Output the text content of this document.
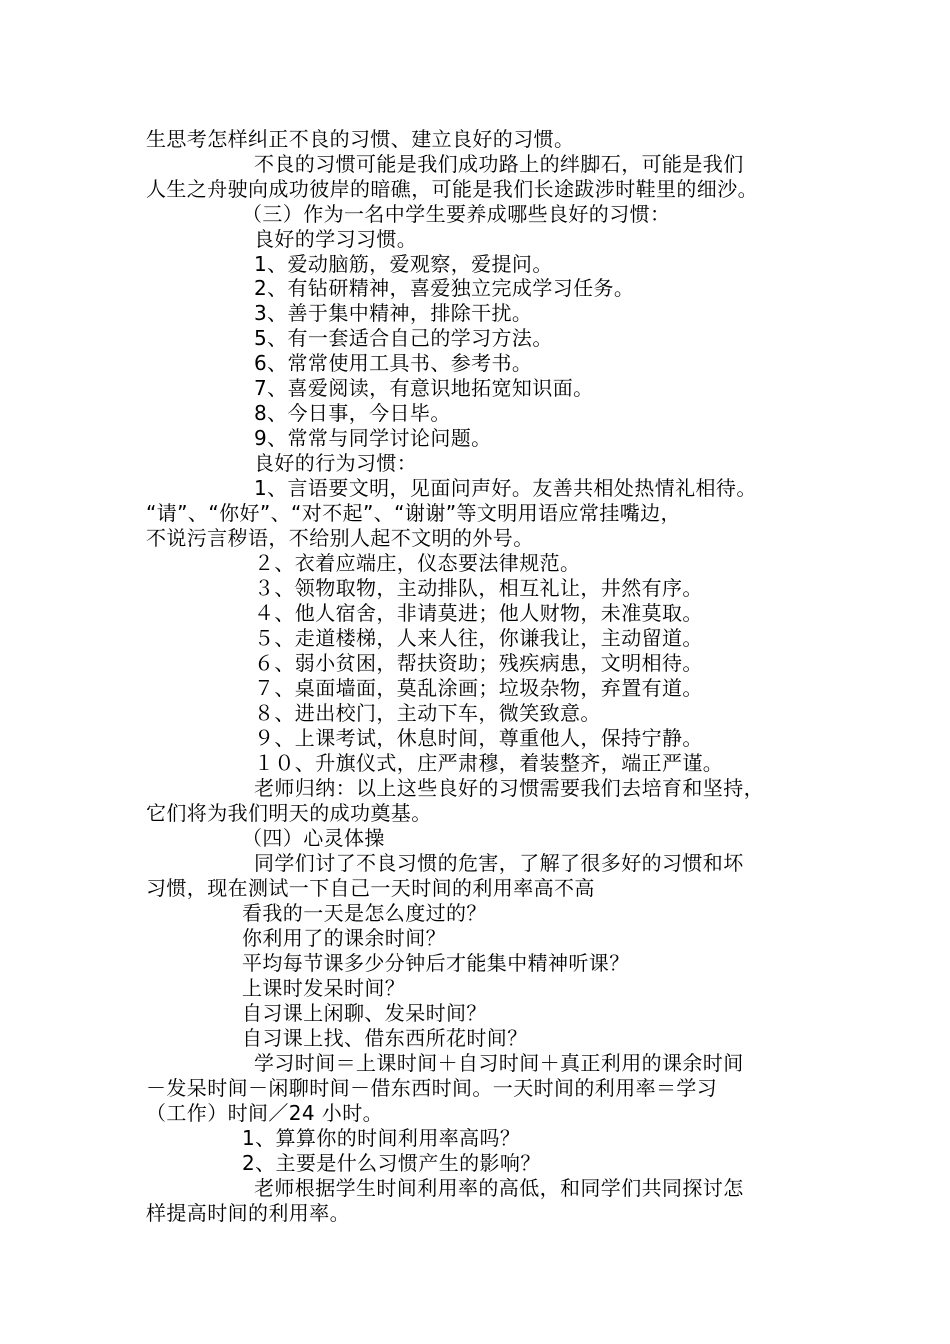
生思考怎样纠正不良的习惯、建立良好的习惯。
不良的习惯可能是我们成功路上的绊脚石，可能是我们
人生之舟驶向成功彼岸的暗礁，可能是我们长途跋涉时鞋里的细沙。
（三）作为一名中学生要养成哪些良好的习惯：
良好的学习习惯。
1、爱动脑筋，爱观察，爱提问。
2、有钻研精神，喜爱独立完成学习任务。
3、善于集中精神，排除干扰。
5、有一套适合自己的学习方法。
6、常常使用工具书、参考书。
7、喜爱阅读，有意识地拓宽知识面。
8、今日事，今日毕。
9、常常与同学讨论问题。
良好的行为习惯：
1、言语要文明，见面问声好。友善共相处热情礼相待。
“请”、“你好”、“对不起”、“谢谢”等文明用语应常挂嘴边，
不说污言秽语，不给别人起不文明的外号。
２、衣着应端庄，仪态要法律规范。
３、领物取物，主动排队，相互礼让，井然有序。
４、他人宿舍，非请莫进；他人财物，未准莫取。
５、走道楼梯，人来人往，你谦我让，主动留道。
６、弱小贫困，帮扶资助；残疾病患，文明相待。
７、桌面墙面，莫乱涂画；垃圾杂物，弃置有道。
８、进出校门，主动下车，微笑致意。
９、上课考试，休息时间，尊重他人，保持宁静。
１０、升旗仪式，庄严肃穆，着装整齐，端正严谨。
老师归纳：以上这些良好的习惯需要我们去培育和坚持，
它们将为我们明天的成功奠基。
（四）心灵体操
同学们讨了不良习惯的危害，了解了很多好的习惯和坏
习惯，现在测试一下自己一天时间的利用率高不高
看我的一天是怎么度过的？
你利用了的课余时间？
平均每节课多少分钟后才能集中精神听课？
上课时发呆时间？
自习课上闲聊、发呆时间？
自习课上找、借东西所花时间？
学习时间＝上课时间＋自习时间＋真正利用的课余时间
－发呆时间－闲聊时间－借东西时间。一天时间的利用率＝学习
（工作）时间／24 小时。
1、算算你的时间利用率高吗？
2、主要是什么习惯产生的影响？
老师根据学生时间利用率的高低，和同学们共同探讨怎
样提高时间的利用率。
